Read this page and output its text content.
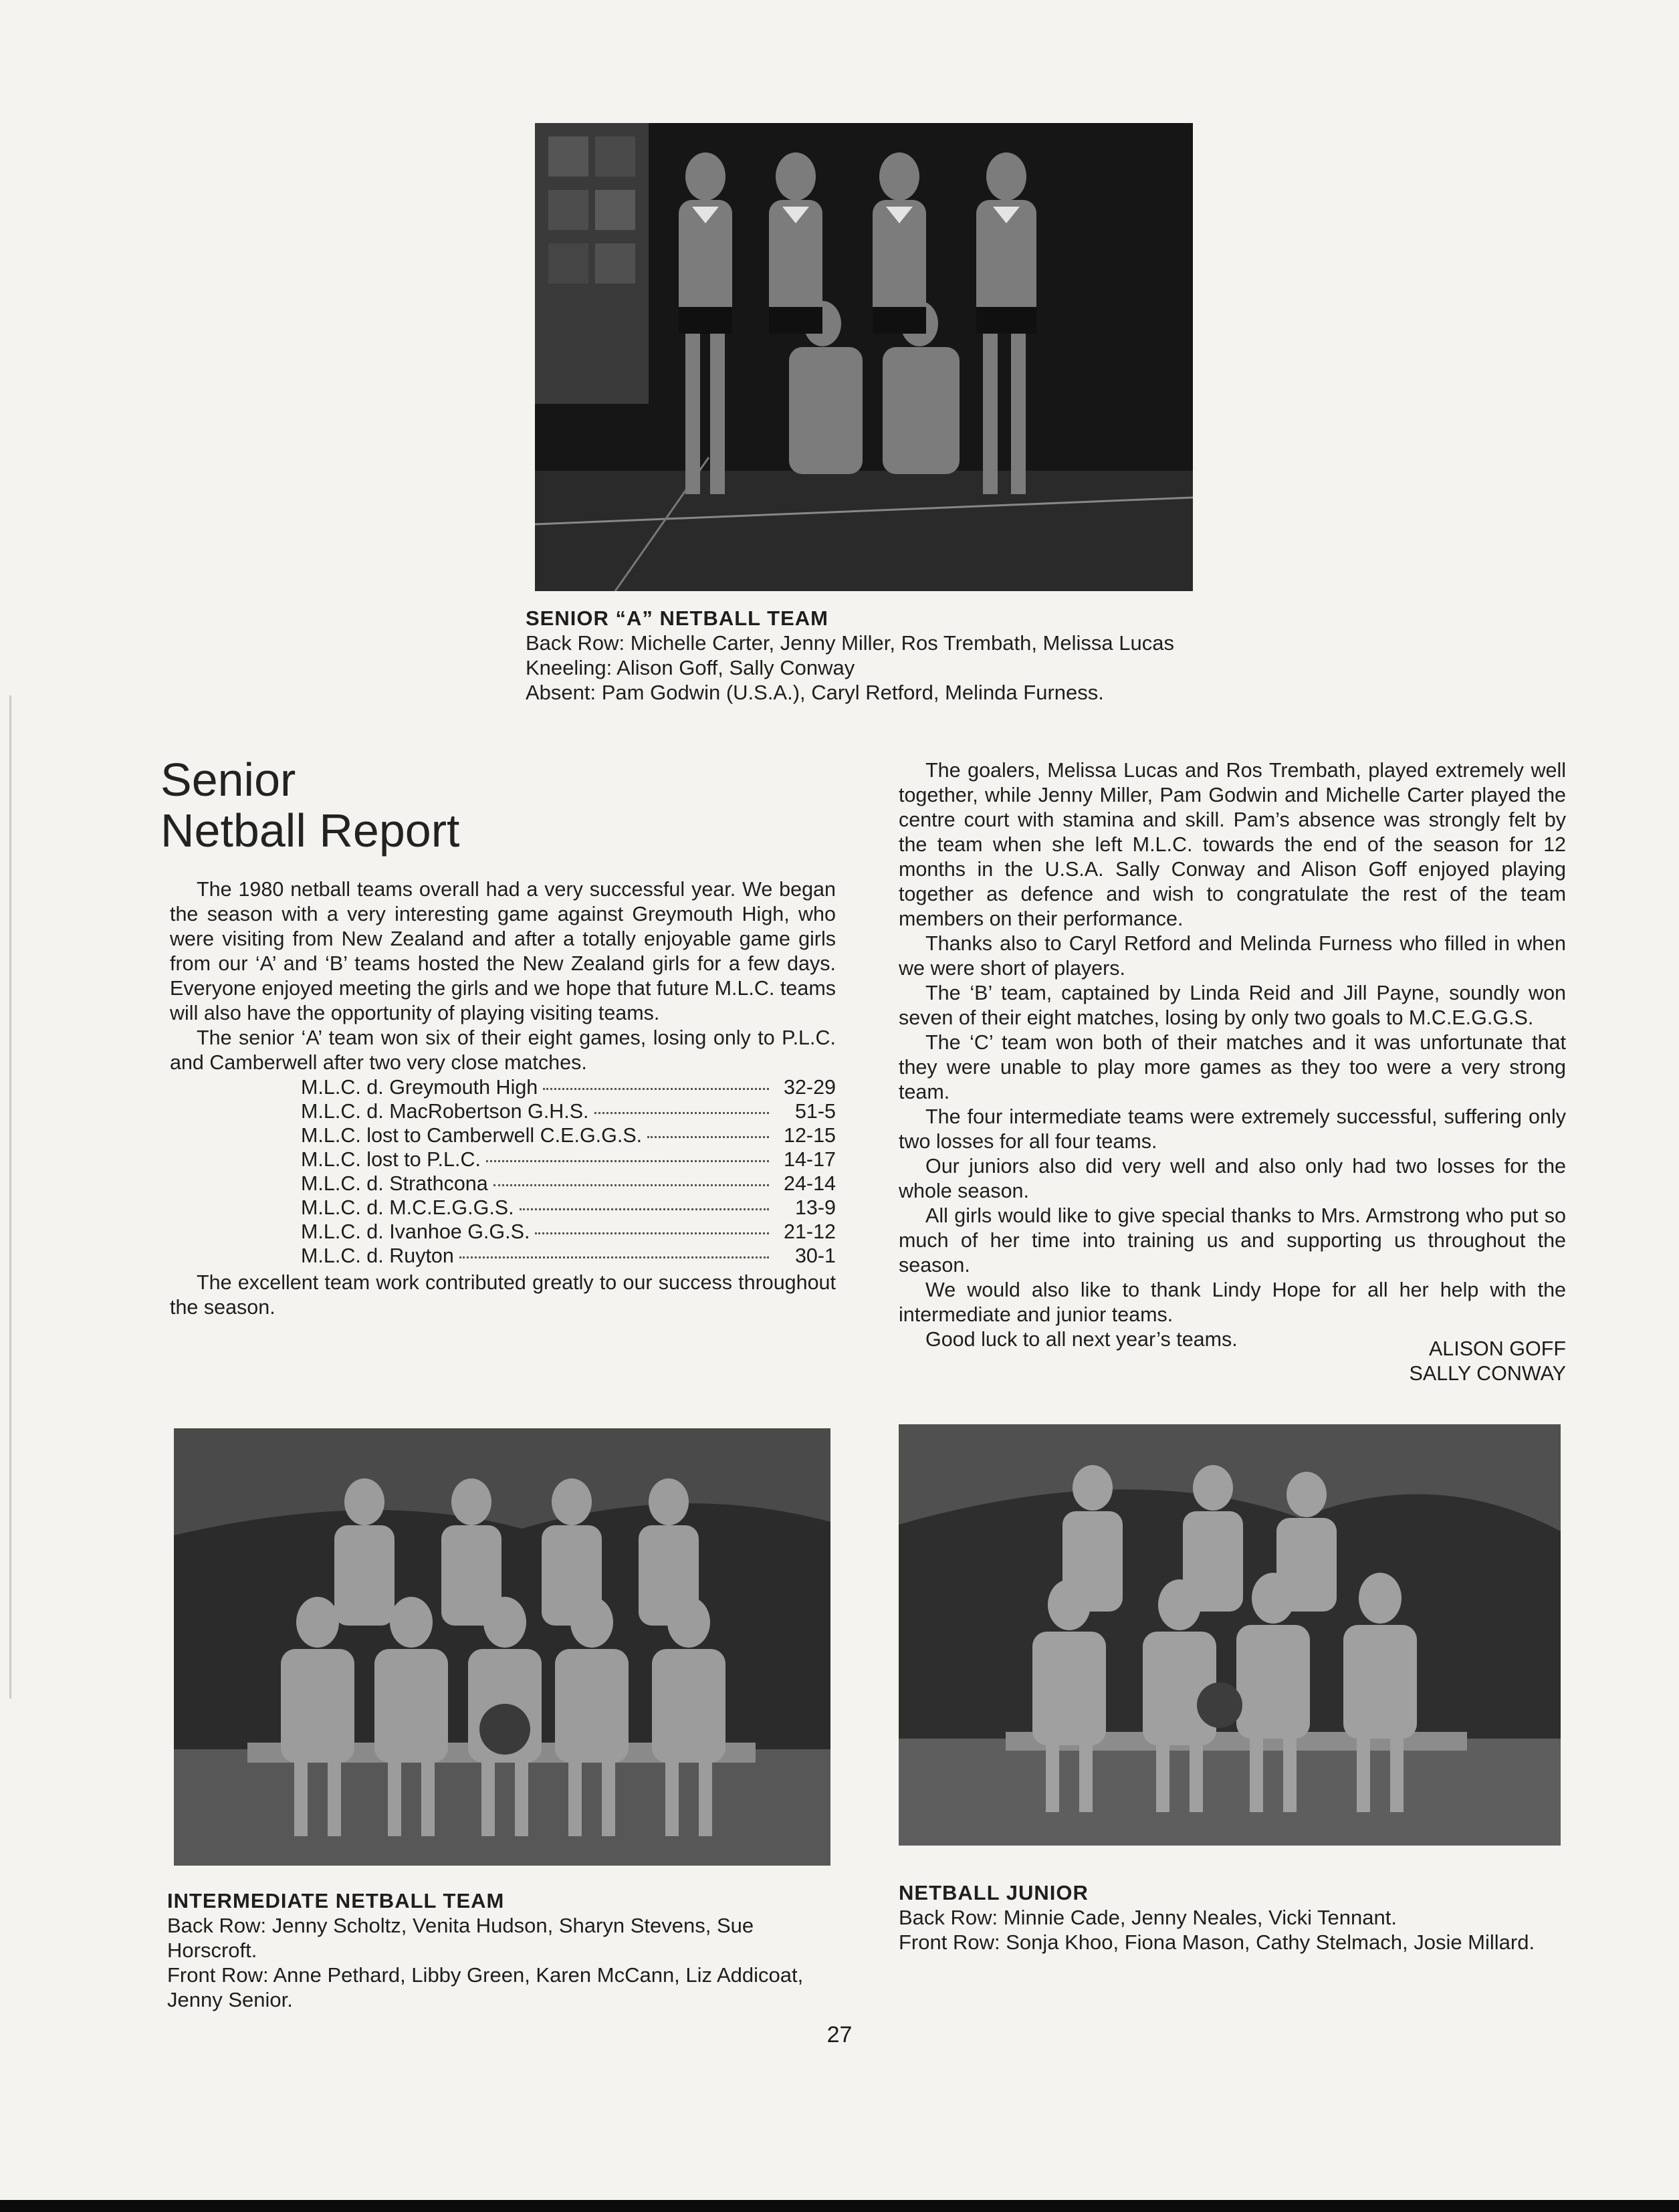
SENIOR “A” NETBALL TEAM
Back Row: Michelle Carter, Jenny Miller, Ros Trembath, Melissa Lucas
Kneeling: Alison Goff, Sally Conway
Absent: Pam Godwin (U.S.A.), Caryl Retford, Melinda Furness.
Senior
Netball Report

The 1980 netball teams overall had a very successful year. We began the season with a very interesting game against Greymouth High, who were visiting from New Zealand and after a totally enjoyable game girls from our ‘A’ and ‘B’ teams hosted the New Zealand girls for a few days. Everyone enjoyed meeting the girls and we hope that future M.L.C. teams will also have the opportunity of playing visiting teams.

The senior ‘A’ team won six of their eight games, losing only to P.L.C. and Camberwell after two very close matches.

M.L.C. d. Greymouth High	32-29
M.L.C. d. MacRobertson G.H.S.	51-5
M.L.C. lost to Camberwell C.E.G.G.S.	12-15
M.L.C. lost to P.L.C.	14-17
M.L.C. d. Strathcona	24-14
M.L.C. d. M.C.E.G.G.S.	13-9
M.L.C. d. Ivanhoe G.G.S.	21-12
M.L.C. d. Ruyton	30-1

The excellent team work contributed greatly to our success throughout the season.

The goalers, Melissa Lucas and Ros Trembath, played extremely well together, while Jenny Miller, Pam Godwin and Michelle Carter played the centre court with stamina and skill. Pam’s absence was strongly felt by the team when she left M.L.C. towards the end of the season for 12 months in the U.S.A. Sally Conway and Alison Goff enjoyed playing together as defence and wish to congratulate the rest of the team members on their performance.

Thanks also to Caryl Retford and Melinda Furness who filled in when we were short of players.

The ‘B’ team, captained by Linda Reid and Jill Payne, soundly won seven of their eight matches, losing by only two goals to M.C.E.G.G.S.

The ‘C’ team won both of their matches and it was unfortunate that they were unable to play more games as they too were a very strong team.

The four intermediate teams were extremely successful, suffering only two losses for all four teams.

Our juniors also did very well and also only had two losses for the whole season.

All girls would like to give special thanks to Mrs. Armstrong who put so much of her time into training us and supporting us throughout the season.

We would also like to thank Lindy Hope for all her help with the intermediate and junior teams.

Good luck to all next year’s teams.	ALISON GOFF
SALLY CONWAY
INTERMEDIATE NETBALL TEAM
Back Row: Jenny Scholtz, Venita Hudson, Sharyn Stevens, Sue Horscroft.
Front Row: Anne Pethard, Libby Green, Karen McCann, Liz Addicoat, Jenny Senior.
NETBALL JUNIOR
Back Row: Minnie Cade, Jenny Neales, Vicki Tennant.
Front Row: Sonja Khoo, Fiona Mason, Cathy Stelmach, Josie Millard.
27
